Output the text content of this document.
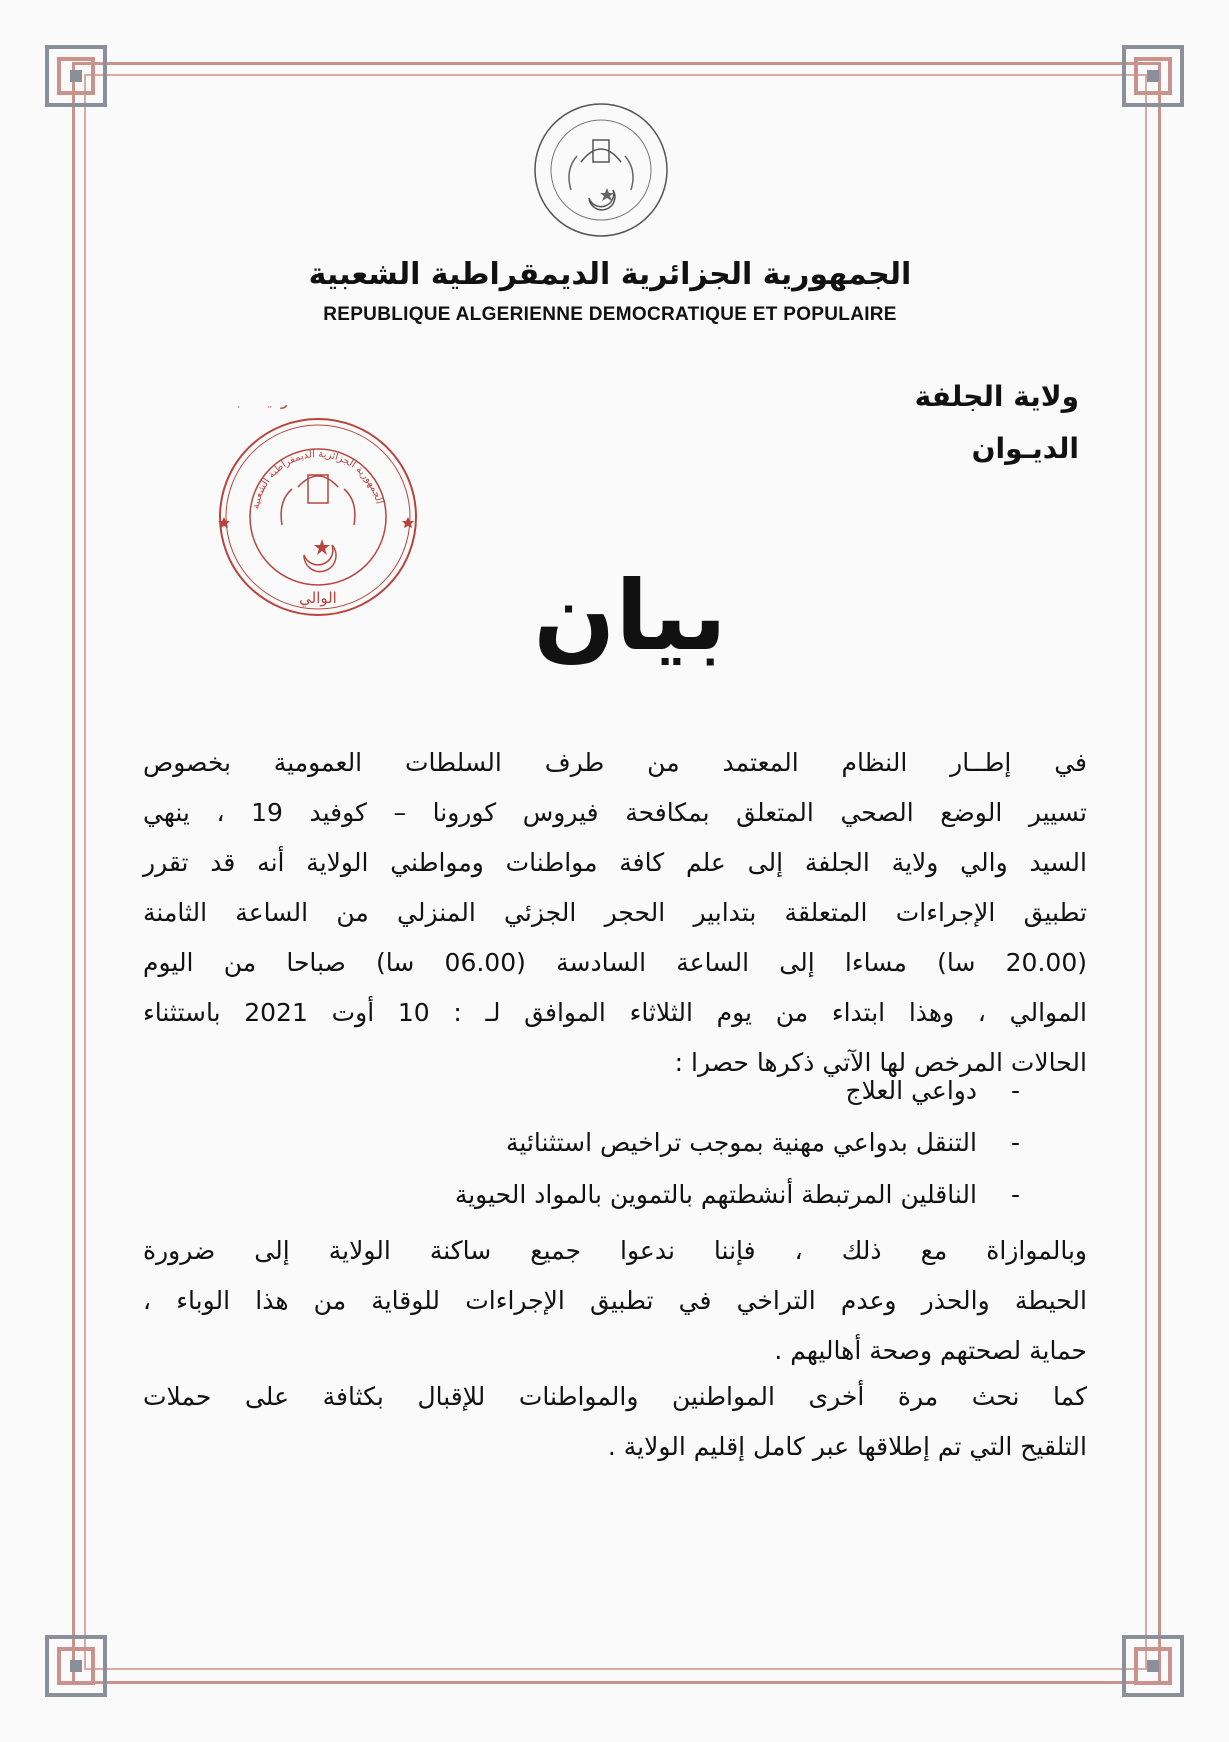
الجمهورية الجزائرية الديمقراطية الشعبية
REPUBLIQUE ALGERIENNE DEMOCRATIQUE ET POPULAIRE
ولاية الجلفة
الديـوان
الجمهورية الجزائرية الديمقراطية الشعبية
الوالي بيان
في إطــار النظام المعتمد من طرف السلطات العمومية بخصوص
تسيير الوضع الصحي المتعلق بمكافحة فيروس كورونا – كوفيد 19 ، ينهي
السيد والي ولاية الجلفة إلى علم كافة مواطنات ومواطني الولاية أنه قد تقرر
تطبيق الإجراءات المتعلقة بتدابير الحجر الجزئي المنزلي من الساعة الثامنة
(20.00 سا) مساءا إلى الساعة السادسة (06.00 سا) صباحا من اليوم
الموالي ، وهذا ابتداء من يوم الثلاثاء الموافق لـ : 10 أوت 2021 باستثناء
الحالات المرخص لها الآتي ذكرها حصرا :
-
دواعي العلاج
-
التنقل بدواعي مهنية بموجب تراخيص استثنائية
-
الناقلين المرتبطة أنشطتهم بالتموين بالمواد الحيوية
وبالموازاة مع ذلك ، فإننا ندعوا جميع ساكنة الولاية إلى ضرورة
الحيطة والحذر وعدم التراخي في تطبيق الإجراءات للوقاية من هذا الوباء ،
حماية لصحتهم وصحة أهاليهم .
كما نحث مرة أخرى المواطنين والمواطنات للإقبال بكثافة على حملات
التلقيح التي تم إطلاقها عبر كامل إقليم الولاية .
